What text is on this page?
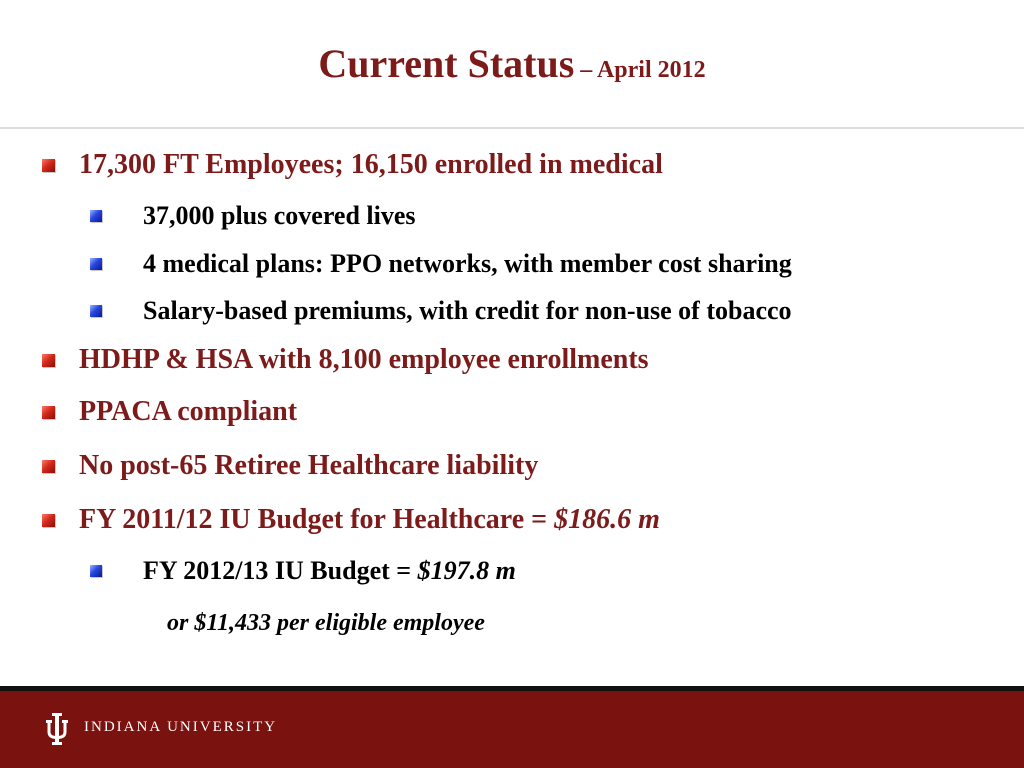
Current Status – April 2012
17,300 FT Employees; 16,150 enrolled in medical
37,000 plus covered lives
4 medical plans: PPO networks, with member cost sharing
Salary-based premiums, with credit for non-use of tobacco
HDHP & HSA with 8,100 employee enrollments
PPACA compliant
No post-65 Retiree Healthcare liability
FY 2011/12 IU Budget for Healthcare = $186.6 m
FY 2012/13 IU Budget = $197.8 m
or $11,433 per eligible employee
INDIANA UNIVERSITY
